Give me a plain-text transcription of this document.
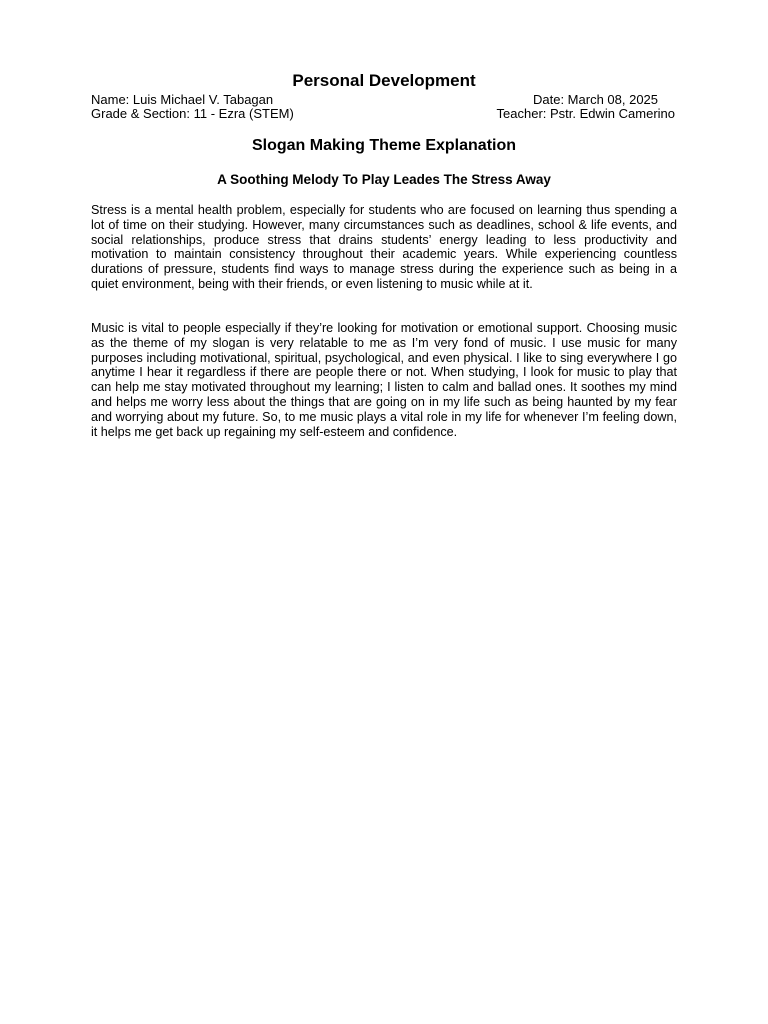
Personal Development
Name: Luis Michael V. Tabagan	Date: March 08, 2025
Grade & Section: 11 - Ezra (STEM)	Teacher: Pstr. Edwin Camerino
Slogan Making Theme Explanation
A Soothing Melody To Play Leades The Stress Away

Stress is a mental health problem, especially for students who are focused on learning thus spending a lot of time on their studying. However, many circumstances such as deadlines, school & life events, and social relationships, produce stress that drains students’ energy leading to less productivity and motivation to maintain consistency throughout their academic years. While experiencing countless durations of pressure, students find ways to manage stress during the experience such as being in a quiet environment, being with their friends, or even listening to music while at it.

Music is vital to people especially if they’re looking for motivation or emotional support. Choosing music as the theme of my slogan is very relatable to me as I’m very fond of music. I use music for many purposes including motivational, spiritual, psychological, and even physical. I like to sing everywhere I go anytime I hear it regardless if there are people there or not. When studying, I look for music to play that can help me stay motivated throughout my learning; I listen to calm and ballad ones. It soothes my mind and helps me worry less about the things that are going on in my life such as being haunted by my fear and worrying about my future. So, to me music plays a vital role in my life for whenever I’m feeling down, it helps me get back up regaining my self-esteem and confidence.
